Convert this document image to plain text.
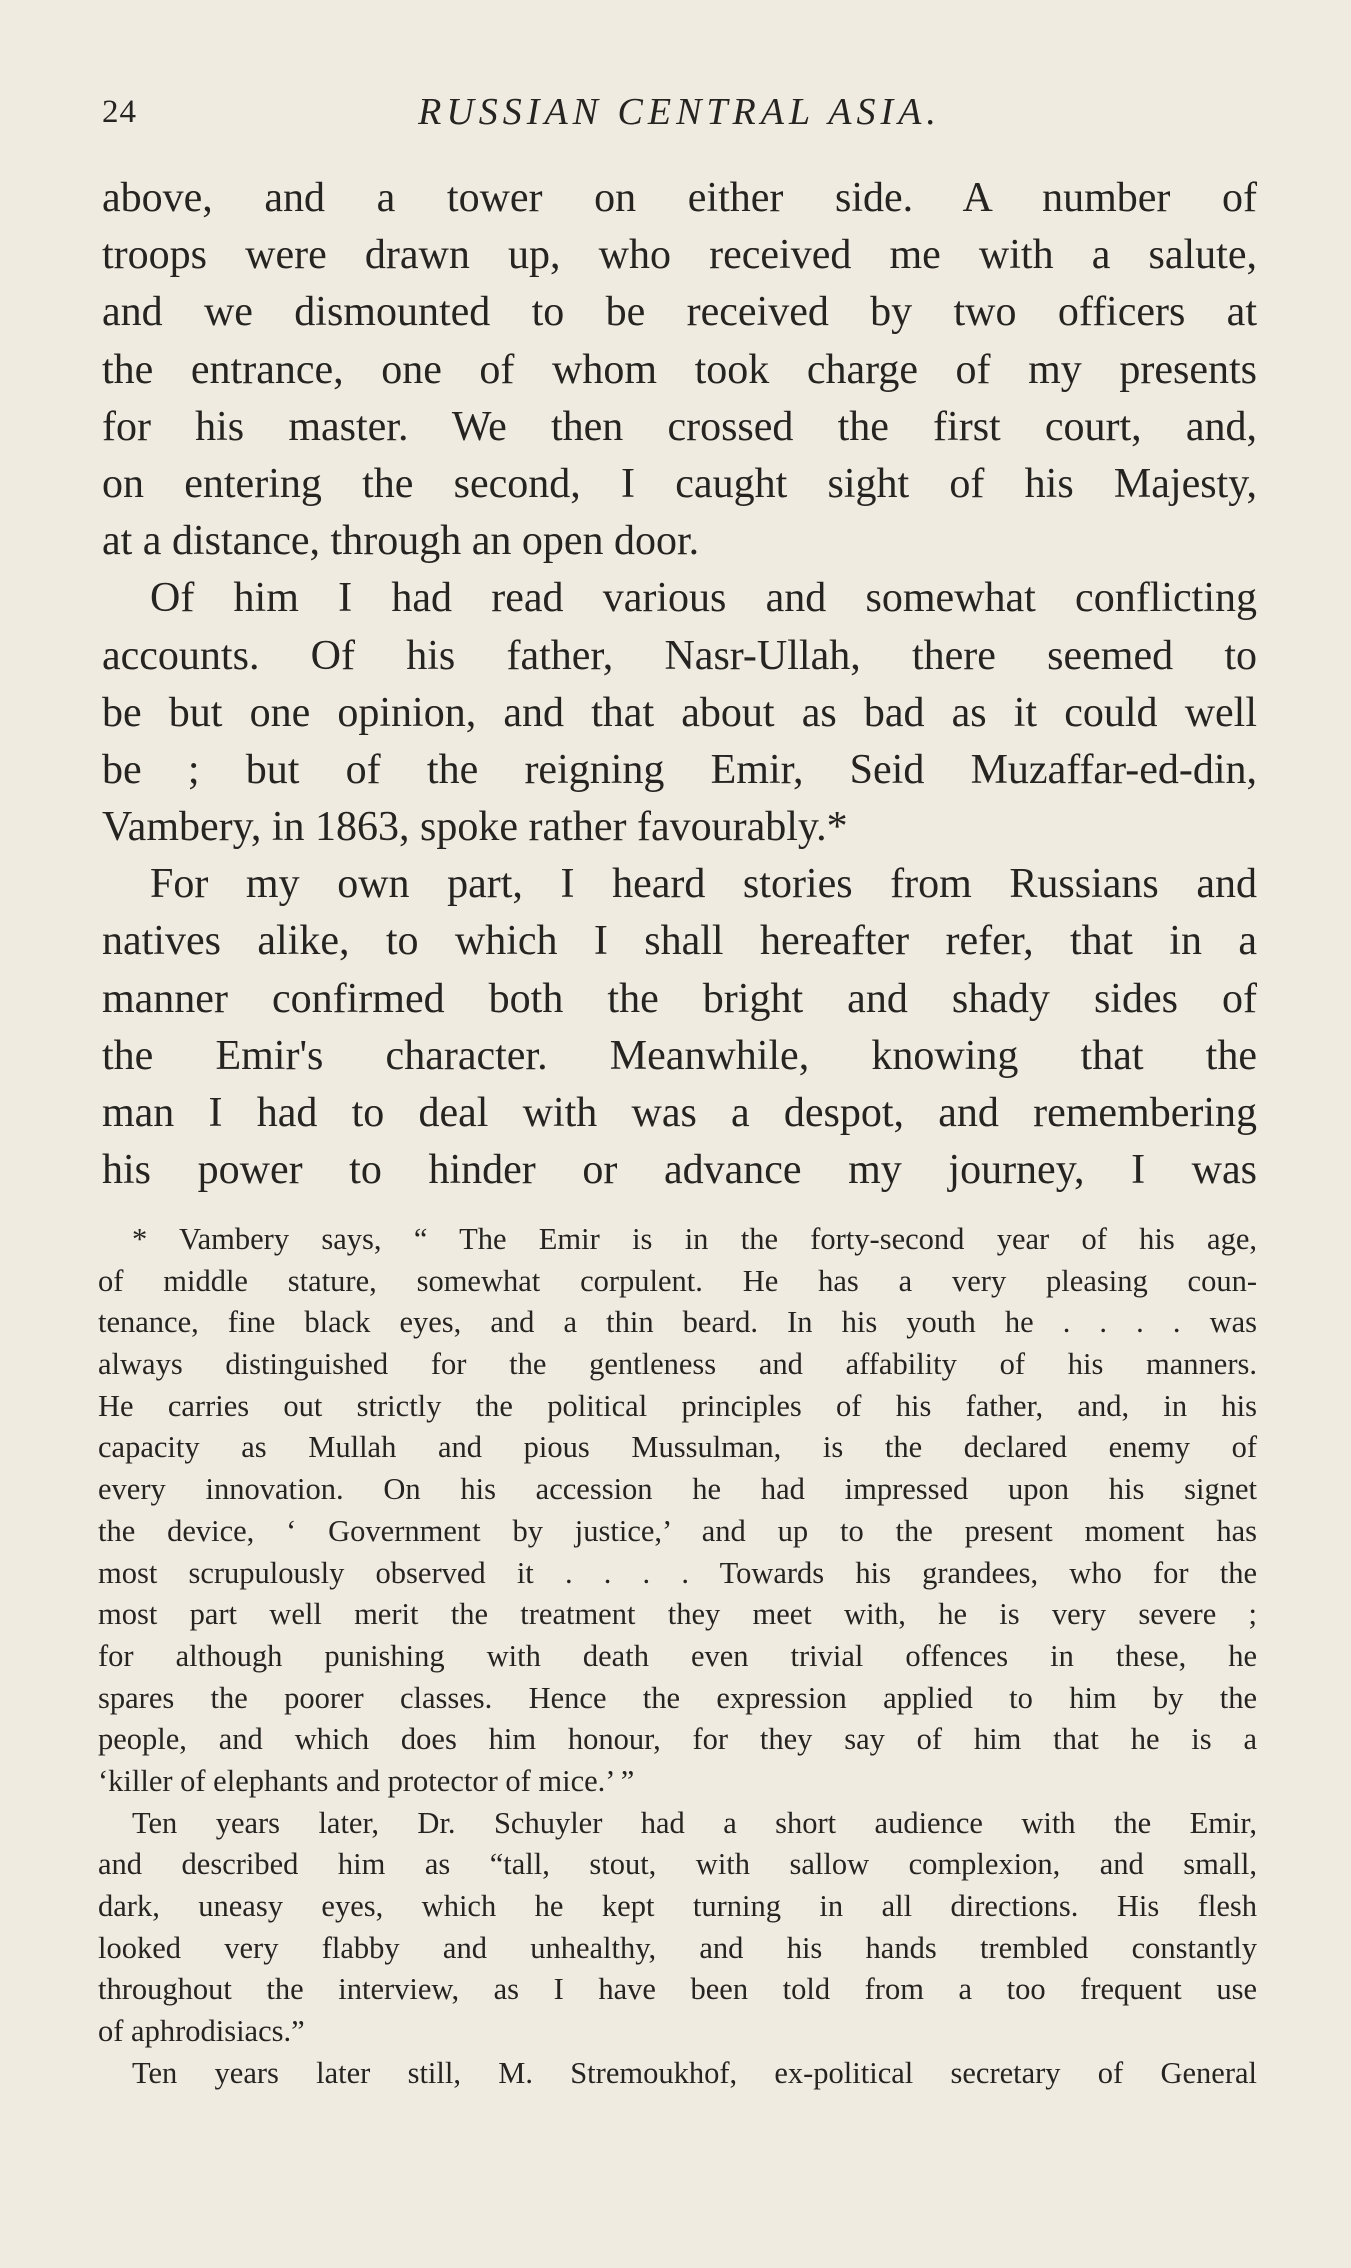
24	RUSSIAN CENTRAL ASIA.
above, and a tower on either side. A number of
troops were drawn up, who received me with a salute,
and we dismounted to be received by two officers at
the entrance, one of whom took charge of my presents
for his master. We then crossed the first court, and,
on entering the second, I caught sight of his Majesty,
at a distance, through an open door.
Of him I had read various and somewhat conflicting
accounts. Of his father, Nasr-Ullah, there seemed to
be but one opinion, and that about as bad as it could well
be ; but of the reigning Emir, Seid Muzaffar-ed-din,
Vambery, in 1863, spoke rather favourably.*
For my own part, I heard stories from Russians and
natives alike, to which I shall hereafter refer, that in a
manner confirmed both the bright and shady sides of
the Emir's character. Meanwhile, knowing that the
man I had to deal with was a despot, and remembering
his power to hinder or advance my journey, I was
* Vambery says, “ The Emir is in the forty-second year of his age,
of middle stature, somewhat corpulent. He has a very pleasing coun-
tenance, fine black eyes, and a thin beard. In his youth he . . . . was
always distinguished for the gentleness and affability of his manners.
He carries out strictly the political principles of his father, and, in his
capacity as Mullah and pious Mussulman, is the declared enemy of
every innovation. On his accession he had impressed upon his signet
the device, ‘ Government by justice,’ and up to the present moment has
most scrupulously observed it . . . . Towards his grandees, who for the
most part well merit the treatment they meet with, he is very severe ;
for although punishing with death even trivial offences in these, he
spares the poorer classes. Hence the expression applied to him by the
people, and which does him honour, for they say of him that he is a
‘killer of elephants and protector of mice.’ ”
Ten years later, Dr. Schuyler had a short audience with the Emir,
and described him as “tall, stout, with sallow complexion, and small,
dark, uneasy eyes, which he kept turning in all directions. His flesh
looked very flabby and unhealthy, and his hands trembled constantly
throughout the interview, as I have been told from a too frequent use
of aphrodisiacs.”
Ten years later still, M. Stremoukhof, ex-political secretary of General
